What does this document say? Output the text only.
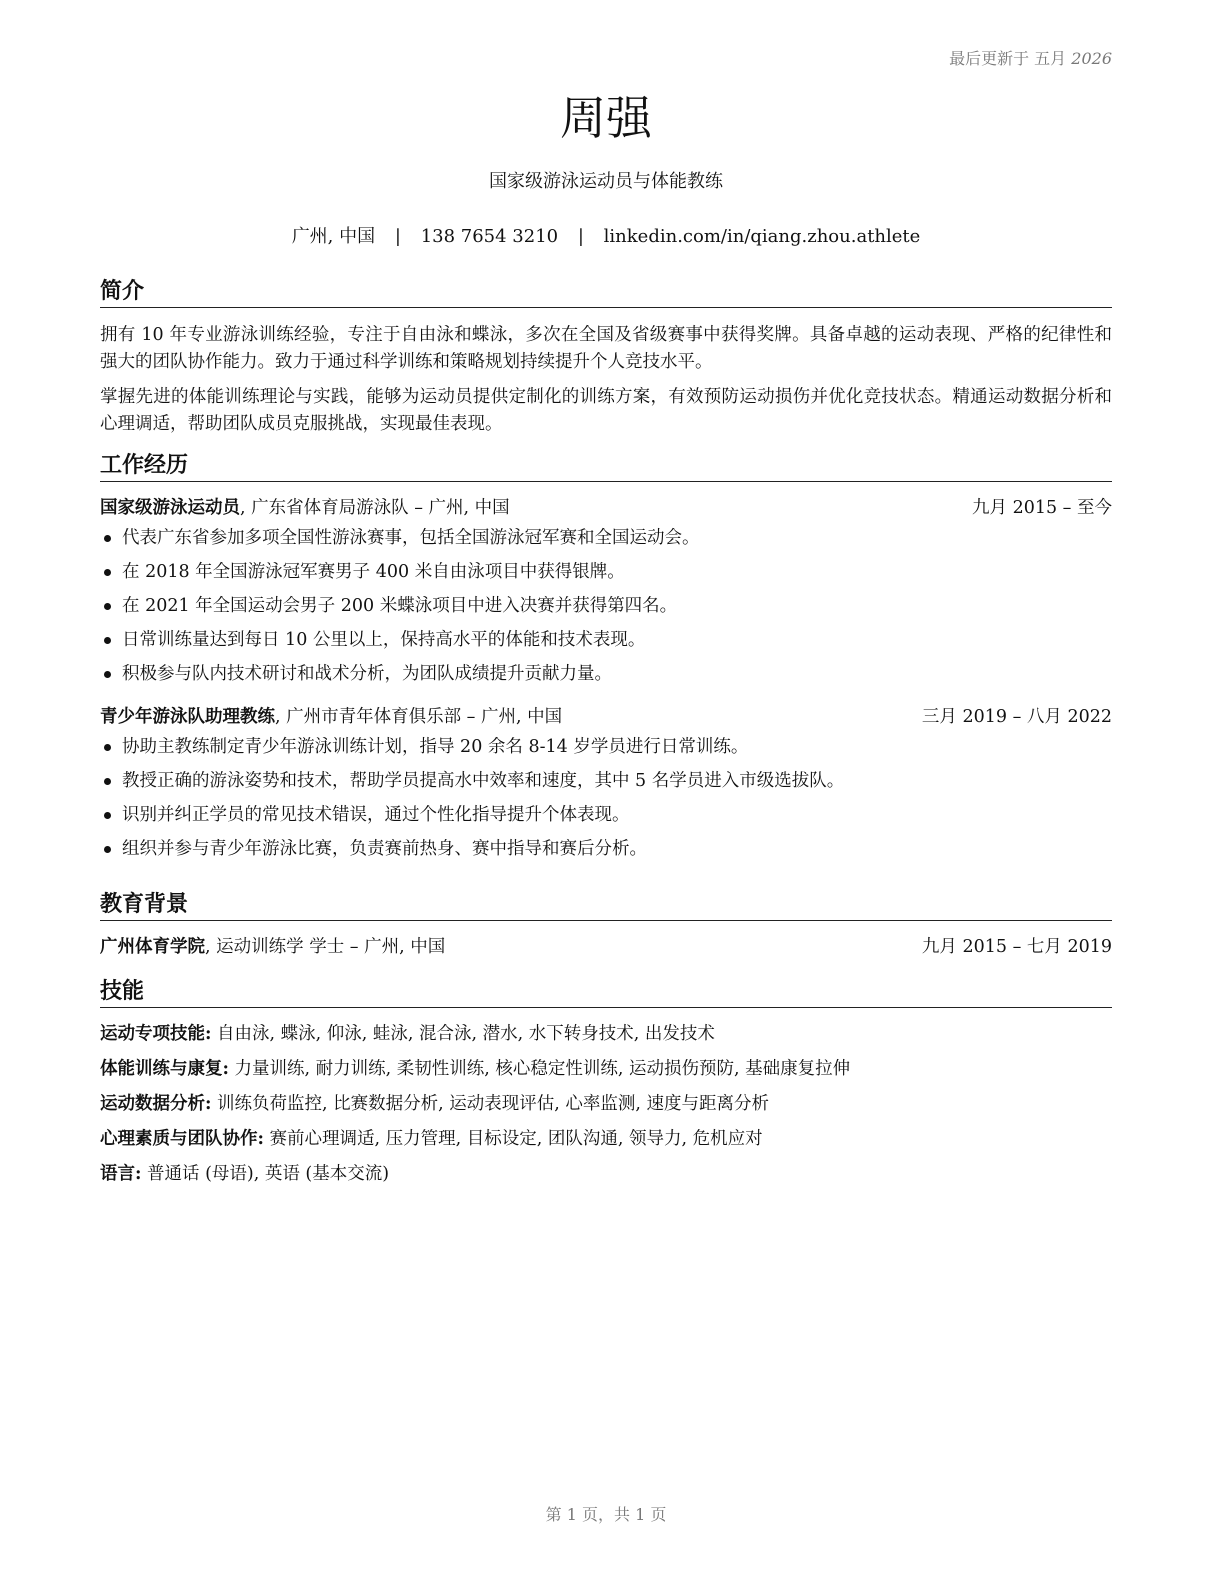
最后更新于 五月 2026
周强
国家级游泳运动员与体能教练
广州, 中国 | 138 7654 3210 | linkedin.com/in/qiang.zhou.athlete
简介

拥有 10 年专业游泳训练经验，专注于自由泳和蝶泳，多次在全国及省级赛事中获得奖牌。具备卓越的运动表现、严格的纪律性和强大的团队协作能力。致力于通过科学训练和策略规划持续提升个人竞技水平。

掌握先进的体能训练理论与实践，能够为运动员提供定制化的训练方案，有效预防运动损伤并优化竞技状态。精通运动数据分析和心理调适，帮助团队成员克服挑战，实现最佳表现。

工作经历
国家级游泳运动员, 广东省体育局游泳队 – 广州, 中国	九月 2015 – 至今
代表广东省参加多项全国性游泳赛事，包括全国游泳冠军赛和全国运动会。
在 2018 年全国游泳冠军赛男子 400 米自由泳项目中获得银牌。
在 2021 年全国运动会男子 200 米蝶泳项目中进入决赛并获得第四名。
日常训练量达到每日 10 公里以上，保持高水平的体能和技术表现。
积极参与队内技术研讨和战术分析，为团队成绩提升贡献力量。
青少年游泳队助理教练, 广州市青年体育俱乐部 – 广州, 中国	三月 2019 – 八月 2022
协助主教练制定青少年游泳训练计划，指导 20 余名 8-14 岁学员进行日常训练。
教授正确的游泳姿势和技术，帮助学员提高水中效率和速度，其中 5 名学员进入市级选拔队。
识别并纠正学员的常见技术错误，通过个性化指导提升个体表现。
组织并参与青少年游泳比赛，负责赛前热身、赛中指导和赛后分析。
教育背景
广州体育学院, 运动训练学 学士 – 广州, 中国	九月 2015 – 七月 2019
技能
运动专项技能: 自由泳, 蝶泳, 仰泳, 蛙泳, 混合泳, 潜水, 水下转身技术, 出发技术
体能训练与康复: 力量训练, 耐力训练, 柔韧性训练, 核心稳定性训练, 运动损伤预防, 基础康复拉伸
运动数据分析: 训练负荷监控, 比赛数据分析, 运动表现评估, 心率监测, 速度与距离分析
心理素质与团队协作: 赛前心理调适, 压力管理, 目标设定, 团队沟通, 领导力, 危机应对
语言: 普通话 (母语), 英语 (基本交流)
第 1 页，共 1 页
